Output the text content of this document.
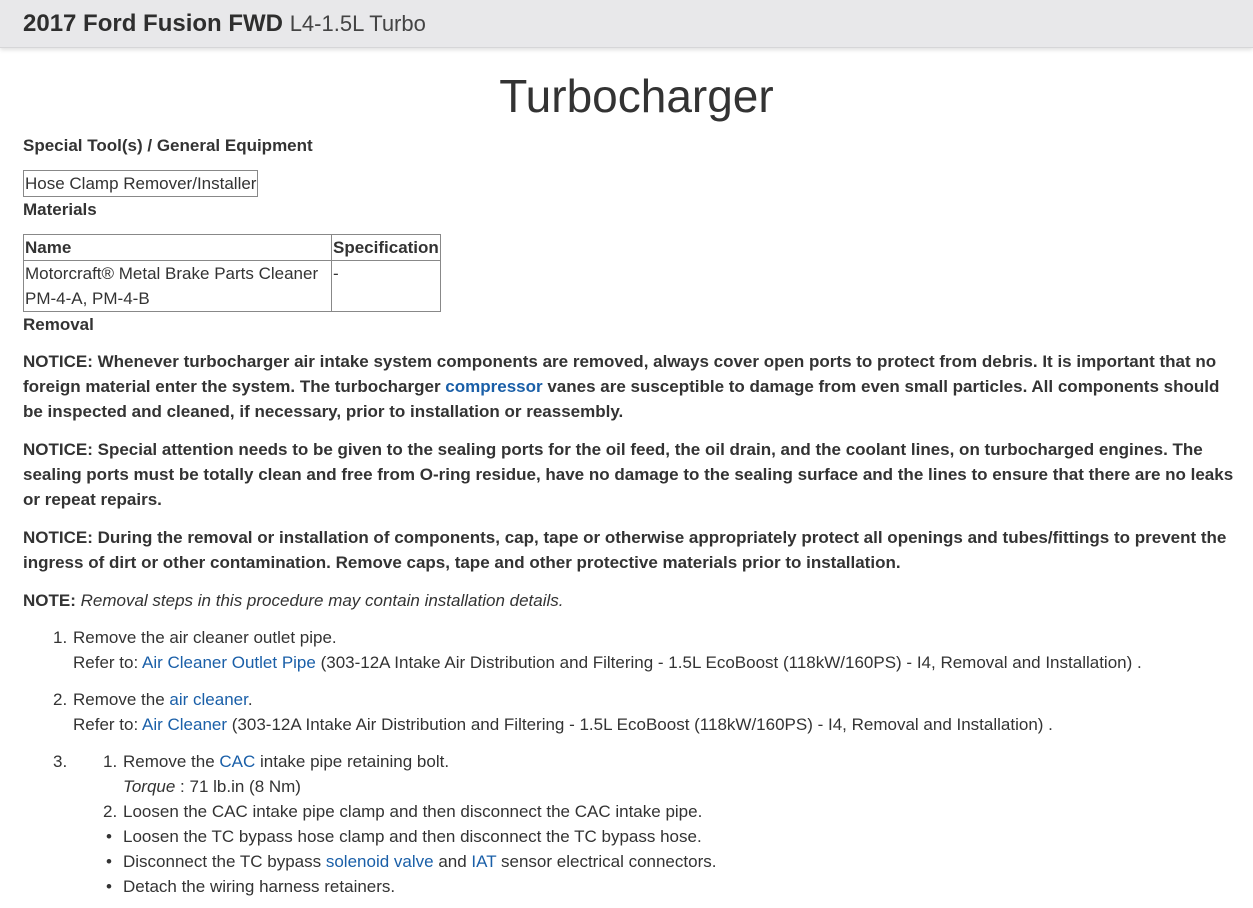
2017 Ford Fusion FWD L4-1.5L Turbo
Turbocharger
Special Tool(s) / General Equipment
Hose Clamp Remover/Installer
Materials
Name	Specification
Motorcraft® Metal Brake Parts Cleaner PM-4-A, PM-4-B	-
Removal

NOTICE: Whenever turbocharger air intake system components are removed, always cover open ports to protect from debris. It is important that no foreign material enter the system. The turbocharger compressor vanes are susceptible to damage from even small particles. All components should be inspected and cleaned, if necessary, prior to installation or reassembly.

NOTICE: Special attention needs to be given to the sealing ports for the oil feed, the oil drain, and the coolant lines, on turbocharged engines. The sealing ports must be totally clean and free from O-ring residue, have no damage to the sealing surface and the lines to ensure that there are no leaks or repeat repairs.

NOTICE: During the removal or installation of components, cap, tape or otherwise appropriately protect all openings and tubes/fittings to prevent the ingress of dirt or other contamination. Remove caps, tape and other protective materials prior to installation.

NOTE: Removal steps in this procedure may contain installation details.

1. Remove the air cleaner outlet pipe.
Refer to: Air Cleaner Outlet Pipe (303-12A Intake Air Distribution and Filtering - 1.5L EcoBoost (118kW/160PS) - I4, Removal and Installation) .
2. Remove the air cleaner.
Refer to: Air Cleaner (303-12A Intake Air Distribution and Filtering - 1.5L EcoBoost (118kW/160PS) - I4, Removal and Installation) .
3. 1. Remove the CAC intake pipe retaining bolt.
Torque : 71 lb.in (8 Nm)
2. Loosen the CAC intake pipe clamp and then disconnect the CAC intake pipe.
• Loosen the TC bypass hose clamp and then disconnect the TC bypass hose.
• Disconnect the TC bypass solenoid valve and IAT sensor electrical connectors.
• Detach the wiring harness retainers.
